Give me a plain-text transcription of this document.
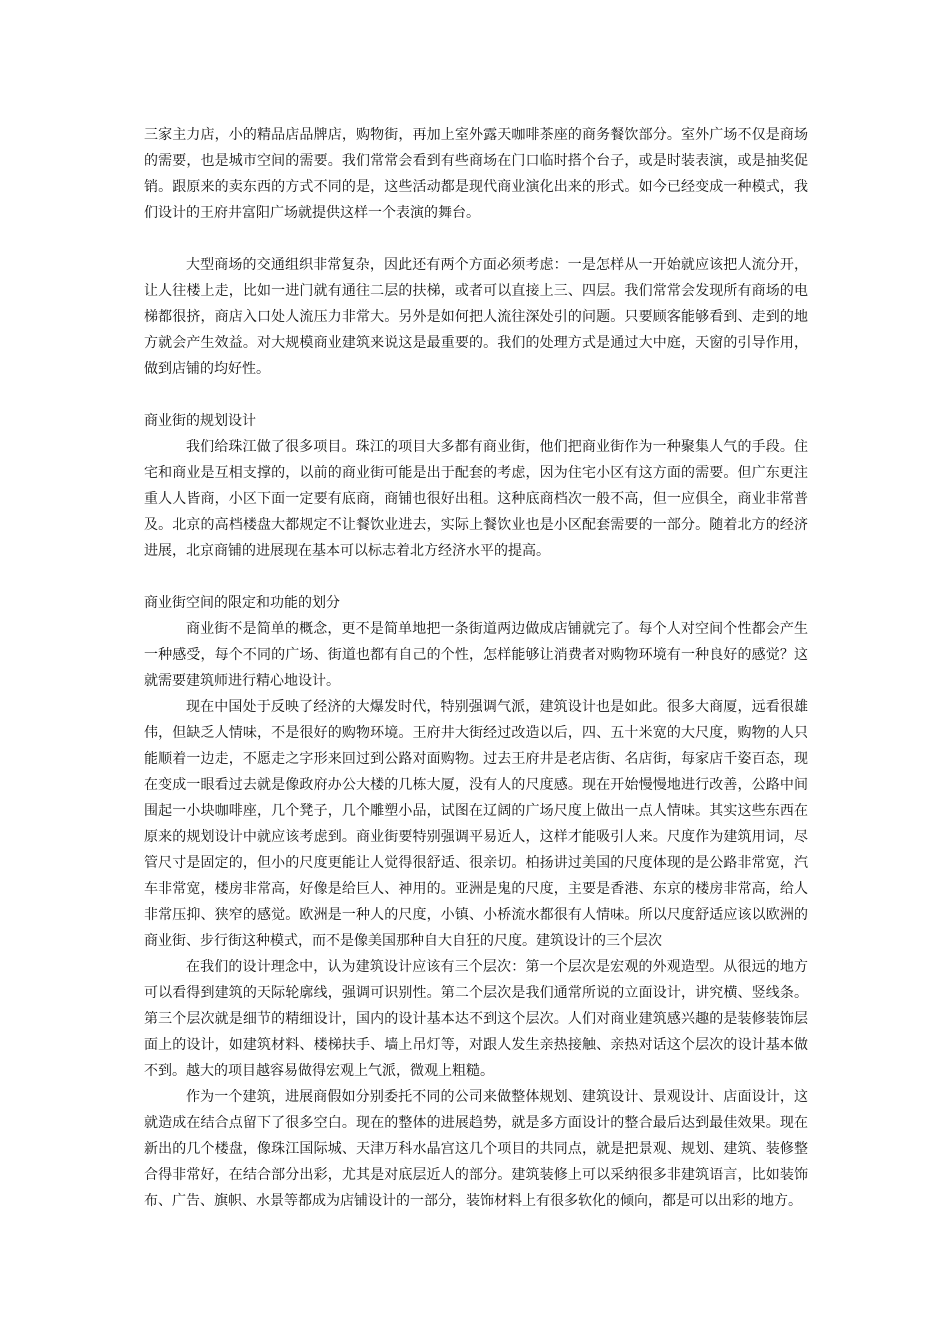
三家主力店，小的精品店品牌店，购物街，再加上室外露天咖啡茶座的商务餐饮部分。室外广场不仅是商场的需要，也是城市空间的需要。我们常常会看到有些商场在门口临时搭个台子，或是时装表演，或是抽奖促销。跟原来的卖东西的方式不同的是，这些活动都是现代商业演化出来的形式。如今已经变成一种模式，我们设计的王府井富阳广场就提供这样一个表演的舞台。

大型商场的交通组织非常复杂，因此还有两个方面必须考虑：一是怎样从一开始就应该把人流分开，让人往楼上走，比如一进门就有通往二层的扶梯，或者可以直接上三、四层。我们常常会发现所有商场的电梯都很挤，商店入口处人流压力非常大。另外是如何把人流往深处引的问题。只要顾客能够看到、走到的地方就会产生效益。对大规模商业建筑来说这是最重要的。我们的处理方式是通过大中庭，天窗的引导作用，做到店铺的均好性。

商业街的规划设计

我们给珠江做了很多项目。珠江的项目大多都有商业街，他们把商业街作为一种聚集人气的手段。住宅和商业是互相支撑的，以前的商业街可能是出于配套的考虑，因为住宅小区有这方面的需要。但广东更注重人人皆商，小区下面一定要有底商，商铺也很好出租。这种底商档次一般不高，但一应俱全，商业非常普及。北京的高档楼盘大都规定不让餐饮业进去，实际上餐饮业也是小区配套需要的一部分。随着北方的经济进展，北京商铺的进展现在基本可以标志着北方经济水平的提高。

商业街空间的限定和功能的划分

商业街不是简单的概念，更不是简单地把一条街道两边做成店铺就完了。每个人对空间个性都会产生一种感受，每个不同的广场、街道也都有自己的个性，怎样能够让消费者对购物环境有一种良好的感觉？这就需要建筑师进行精心地设计。

现在中国处于反映了经济的大爆发时代，特别强调气派，建筑设计也是如此。很多大商厦，远看很雄伟，但缺乏人情味，不是很好的购物环境。王府井大街经过改造以后，四、五十米宽的大尺度，购物的人只能顺着一边走，不愿走之字形来回过到公路对面购物。过去王府井是老店街、名店街，每家店千姿百态，现在变成一眼看过去就是像政府办公大楼的几栋大厦，没有人的尺度感。现在开始慢慢地进行改善，公路中间围起一小块咖啡座，几个凳子，几个雕塑小品，试图在辽阔的广场尺度上做出一点人情味。其实这些东西在原来的规划设计中就应该考虑到。商业街要特别强调平易近人，这样才能吸引人来。尺度作为建筑用词，尽管尺寸是固定的，但小的尺度更能让人觉得很舒适、很亲切。柏扬讲过美国的尺度体现的是公路非常宽，汽车非常宽，楼房非常高，好像是给巨人、神用的。亚洲是鬼的尺度，主要是香港、东京的楼房非常高，给人非常压抑、狭窄的感觉。欧洲是一种人的尺度，小镇、小桥流水都很有人情味。所以尺度舒适应该以欧洲的商业街、步行街这种模式，而不是像美国那种自大自狂的尺度。建筑设计的三个层次

在我们的设计理念中，认为建筑设计应该有三个层次：第一个层次是宏观的外观造型。从很远的地方可以看得到建筑的天际轮廓线，强调可识别性。第二个层次是我们通常所说的立面设计，讲究横、竖线条。第三个层次就是细节的精细设计，国内的设计基本达不到这个层次。人们对商业建筑感兴趣的是装修装饰层面上的设计，如建筑材料、楼梯扶手、墙上吊灯等，对跟人发生亲热接触、亲热对话这个层次的设计基本做不到。越大的项目越容易做得宏观上气派，微观上粗糙。

作为一个建筑，进展商假如分别委托不同的公司来做整体规划、建筑设计、景观设计、店面设计，这就造成在结合点留下了很多空白。现在的整体的进展趋势，就是多方面设计的整合最后达到最佳效果。现在新出的几个楼盘，像珠江国际城、天津万科水晶宫这几个项目的共同点，就是把景观、规划、建筑、装修整合得非常好，在结合部分出彩，尤其是对底层近人的部分。建筑装修上可以采纳很多非建筑语言，比如装饰布、广告、旗帜、水景等都成为店铺设计的一部分，装饰材料上有很多软化的倾向，都是可以出彩的地方。
